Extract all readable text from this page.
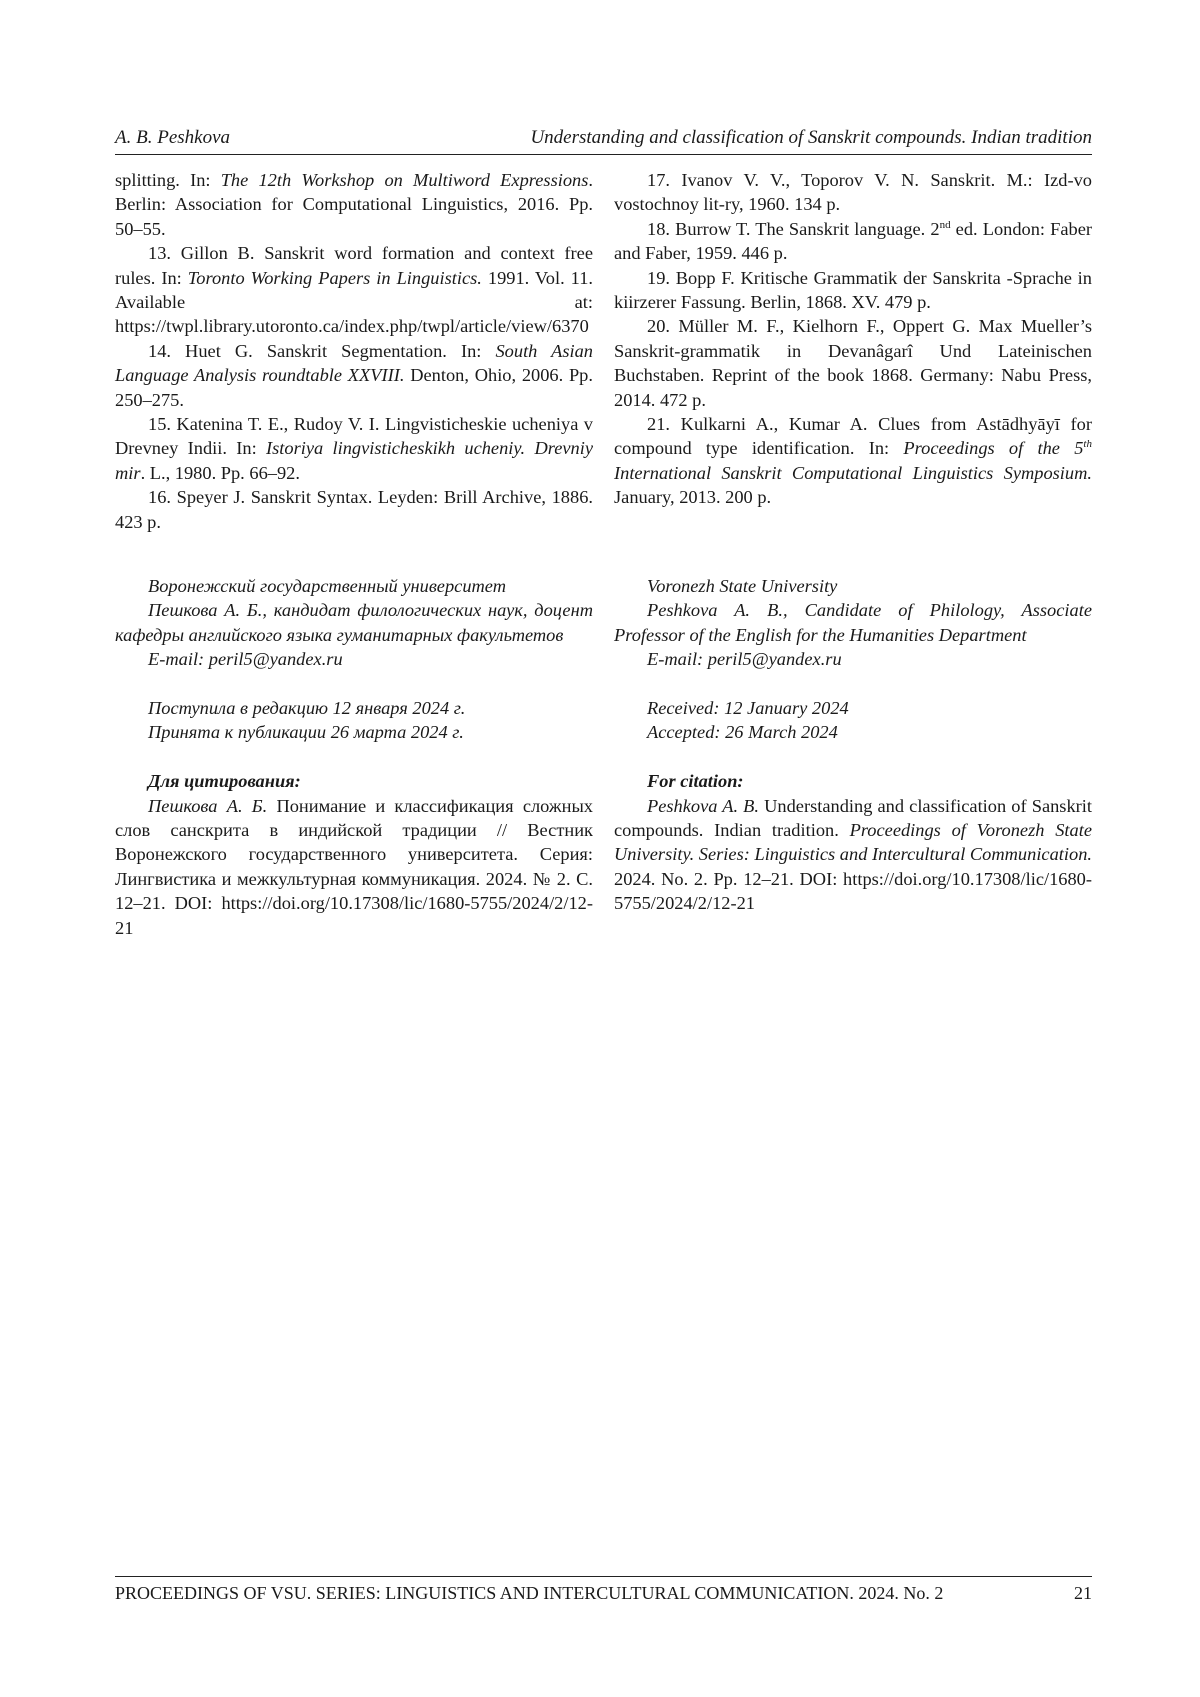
A. B. Peshkova	Understanding and classification of Sanskrit compounds. Indian tradition

splitting. In: The 12th Workshop on Multiword Expressions. Berlin: Association for Computational Linguistics, 2016. Pp. 50–55.

13. Gillon B. Sanskrit word formation and context free rules. In: Toronto Working Papers in Linguistics. 1991. Vol. 11. Available at: https://twpl.library.utoronto.ca/index.php/twpl/article/view/6370

14. Huet G. Sanskrit Segmentation. In: South Asian Language Analysis roundtable XXVIII. Denton, Ohio, 2006. Pp. 250–275.

15. Katenina T. E., Rudoy V. I. Lingvisticheskie ucheniya v Drevney Indii. In: Istoriya lingvisticheskikh ucheniy. Drevniy mir. L., 1980. Pp. 66–92.

16. Speyer J. Sanskrit Syntax. Leyden: Brill Archive, 1886. 423 p.

17. Ivanov V. V., Toporov V. N. Sanskrit. M.: Izd-vo vostochnoy lit-ry, 1960. 134 p.

18. Burrow T. The Sanskrit language. 2nd ed. London: Faber and Faber, 1959. 446 p.

19. Bopp F. Kritische Grammatik der Sanskrita -Sprache in kiirzerer Fassung. Berlin, 1868. XV. 479 p.

20. Müller M. F., Kielhorn F., Oppert G. Max Mueller’s Sanskrit-grammatik in Devanâgarî Und Lateinischen Buchstaben. Reprint of the book 1868. Germany: Nabu Press, 2014. 472 p.

21. Kulkarni A., Kumar A. Clues from Astādhyāyī for compound type identification. In: Proceedings of the 5th International Sanskrit Computational Linguistics Symposium. January, 2013. 200 p.

Воронежский государственный университет

Пешкова А. Б., кандидат филологических наук, доцент кафедры английского языка гуманитарных факультетов

E-mail: peril5@yandex.ru

Поступила в редакцию 12 января 2024 г.

Принята к публикации 26 марта 2024 г.

Для цитирования:

Пешкова А. Б. Понимание и классификация сложных слов санскрита в индийской традиции // Вестник Воронежского государственного университета. Серия: Лингвистика и межкультурная коммуникация. 2024. № 2. С. 12–21. DOI: https://doi.org/10.17308/lic/1680-5755/2024/2/12-21

Voronezh State University

Peshkova A. B., Candidate of Philology, Associate Professor of the English for the Humanities Department

E-mail: peril5@yandex.ru

Received: 12 January 2024

Accepted: 26 March 2024

For citation:

Peshkova A. B. Understanding and classification of Sanskrit compounds. Indian tradition. Proceedings of Voronezh State University. Series: Linguistics and Intercultural Communication. 2024. No. 2. Pp. 12–21. DOI: https://doi.org/10.17308/lic/1680-5755/2024/2/12-21

PROCEEDINGS OF VSU. SERIES: LINGUISTICS AND INTERCULTURAL COMMUNICATION. 2024. No. 2	21
